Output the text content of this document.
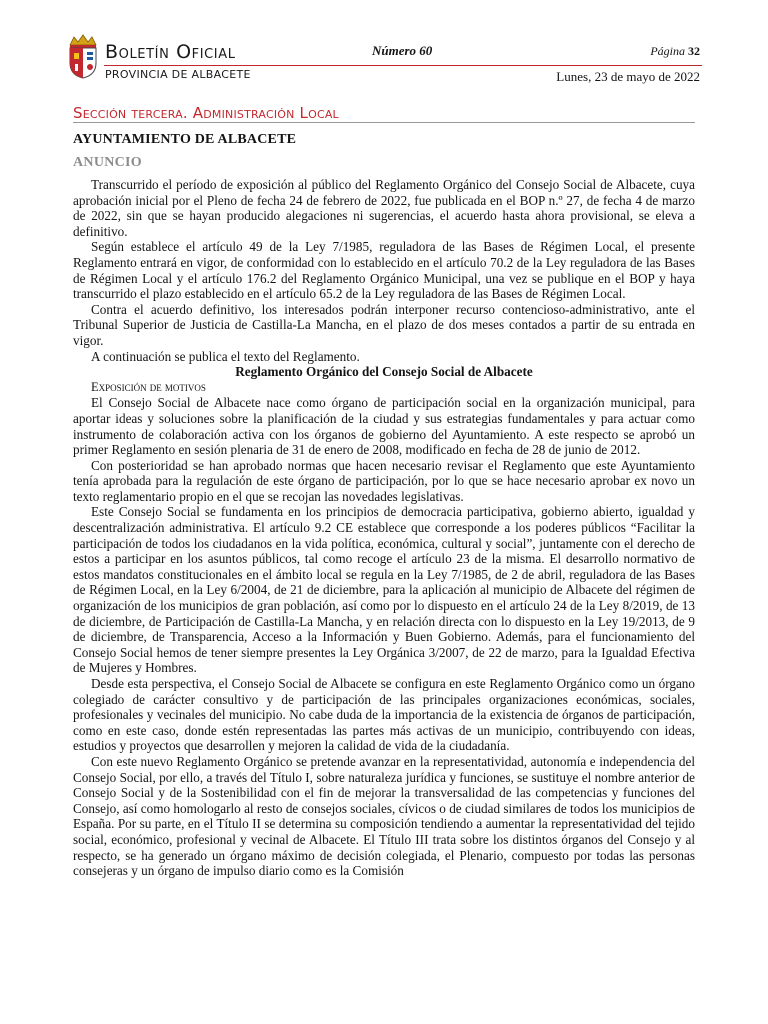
Boletín Oficial
PROVINCIA DE ALBACETE
Número 60	Página 32
Lunes, 23 de mayo de 2022
Sección tercera. Administración Local
AYUNTAMIENTO DE ALBACETE
ANUNCIO

Transcurrido el período de exposición al público del Reglamento Orgánico del Consejo Social de Albacete, cuya aprobación inicial por el Pleno de fecha 24 de febrero de 2022, fue publicada en el BOP n.º 27, de fecha 4 de marzo de 2022, sin que se hayan producido alegaciones ni sugerencias, el acuerdo hasta ahora provisional, se eleva a definitivo.

Según establece el artículo 49 de la Ley 7/1985, reguladora de las Bases de Régimen Local, el presente Reglamento entrará en vigor, de conformidad con lo establecido en el artículo 70.2 de la Ley reguladora de las Bases de Régimen Local y el artículo 176.2 del Reglamento Orgánico Municipal, una vez se publique en el BOP y haya transcurrido el plazo establecido en el artículo 65.2 de la Ley reguladora de las Bases de Régimen Local.

Contra el acuerdo definitivo, los interesados podrán interponer recurso contencioso-administrativo, ante el Tribunal Superior de Justicia de Castilla-La Mancha, en el plazo de dos meses contados a partir de su entrada en vigor.

A continuación se publica el texto del Reglamento.

Reglamento Orgánico del Consejo Social de Albacete

Exposición de motivos

El Consejo Social de Albacete nace como órgano de participación social en la organización municipal, para aportar ideas y soluciones sobre la planificación de la ciudad y sus estrategias fundamentales y para actuar como instrumento de colaboración activa con los órganos de gobierno del Ayuntamiento. A este respecto se aprobó un primer Reglamento en sesión plenaria de 31 de enero de 2008, modificado en fecha de 28 de junio de 2012.

Con posterioridad se han aprobado normas que hacen necesario revisar el Reglamento que este Ayuntamiento tenía aprobada para la regulación de este órgano de participación, por lo que se hace necesario aprobar ex novo un texto reglamentario propio en el que se recojan las novedades legislativas.

Este Consejo Social se fundamenta en los principios de democracia participativa, gobierno abierto, igualdad y descentralización administrativa. El artículo 9.2 CE establece que corresponde a los poderes públicos “Facilitar la participación de todos los ciudadanos en la vida política, económica, cultural y social”, juntamente con el derecho de estos a participar en los asuntos públicos, tal como recoge el artículo 23 de la misma. El desarrollo normativo de estos mandatos constitucionales en el ámbito local se regula en la Ley 7/1985, de 2 de abril, reguladora de las Bases de Régimen Local, en la Ley 6/2004, de 21 de diciembre, para la aplicación al municipio de Albacete del régimen de organización de los municipios de gran población, así como por lo dispuesto en el artículo 24 de la Ley 8/2019, de 13 de diciembre, de Participación de Castilla-La Mancha, y en relación directa con lo dispuesto en la Ley 19/2013, de 9 de diciembre, de Transparencia, Acceso a la Información y Buen Gobierno. Además, para el funcionamiento del Consejo Social hemos de tener siempre presentes la Ley Orgánica 3/2007, de 22 de marzo, para la Igualdad Efectiva de Mujeres y Hombres.

Desde esta perspectiva, el Consejo Social de Albacete se configura en este Reglamento Orgánico como un órgano colegiado de carácter consultivo y de participación de las principales organizaciones económicas, sociales, profesionales y vecinales del municipio. No cabe duda de la importancia de la existencia de órganos de participación, como en este caso, donde estén representadas las partes más activas de un municipio, contribuyendo con ideas, estudios y proyectos que desarrollen y mejoren la calidad de vida de la ciudadanía.

Con este nuevo Reglamento Orgánico se pretende avanzar en la representatividad, autonomía e independencia del Consejo Social, por ello, a través del Título I, sobre naturaleza jurídica y funciones, se sustituye el nombre anterior de Consejo Social y de la Sostenibilidad con el fin de mejorar la transversalidad de las competencias y funciones del Consejo, así como homologarlo al resto de consejos sociales, cívicos o de ciudad similares de todos los municipios de España. Por su parte, en el Título II se determina su composición tendiendo a aumentar la representatividad del tejido social, económico, profesional y vecinal de Albacete. El Título III trata sobre los distintos órganos del Consejo y al respecto, se ha generado un órgano máximo de decisión colegiada, el Plenario, compuesto por todas las personas consejeras y un órgano de impulso diario como es la Comisión
